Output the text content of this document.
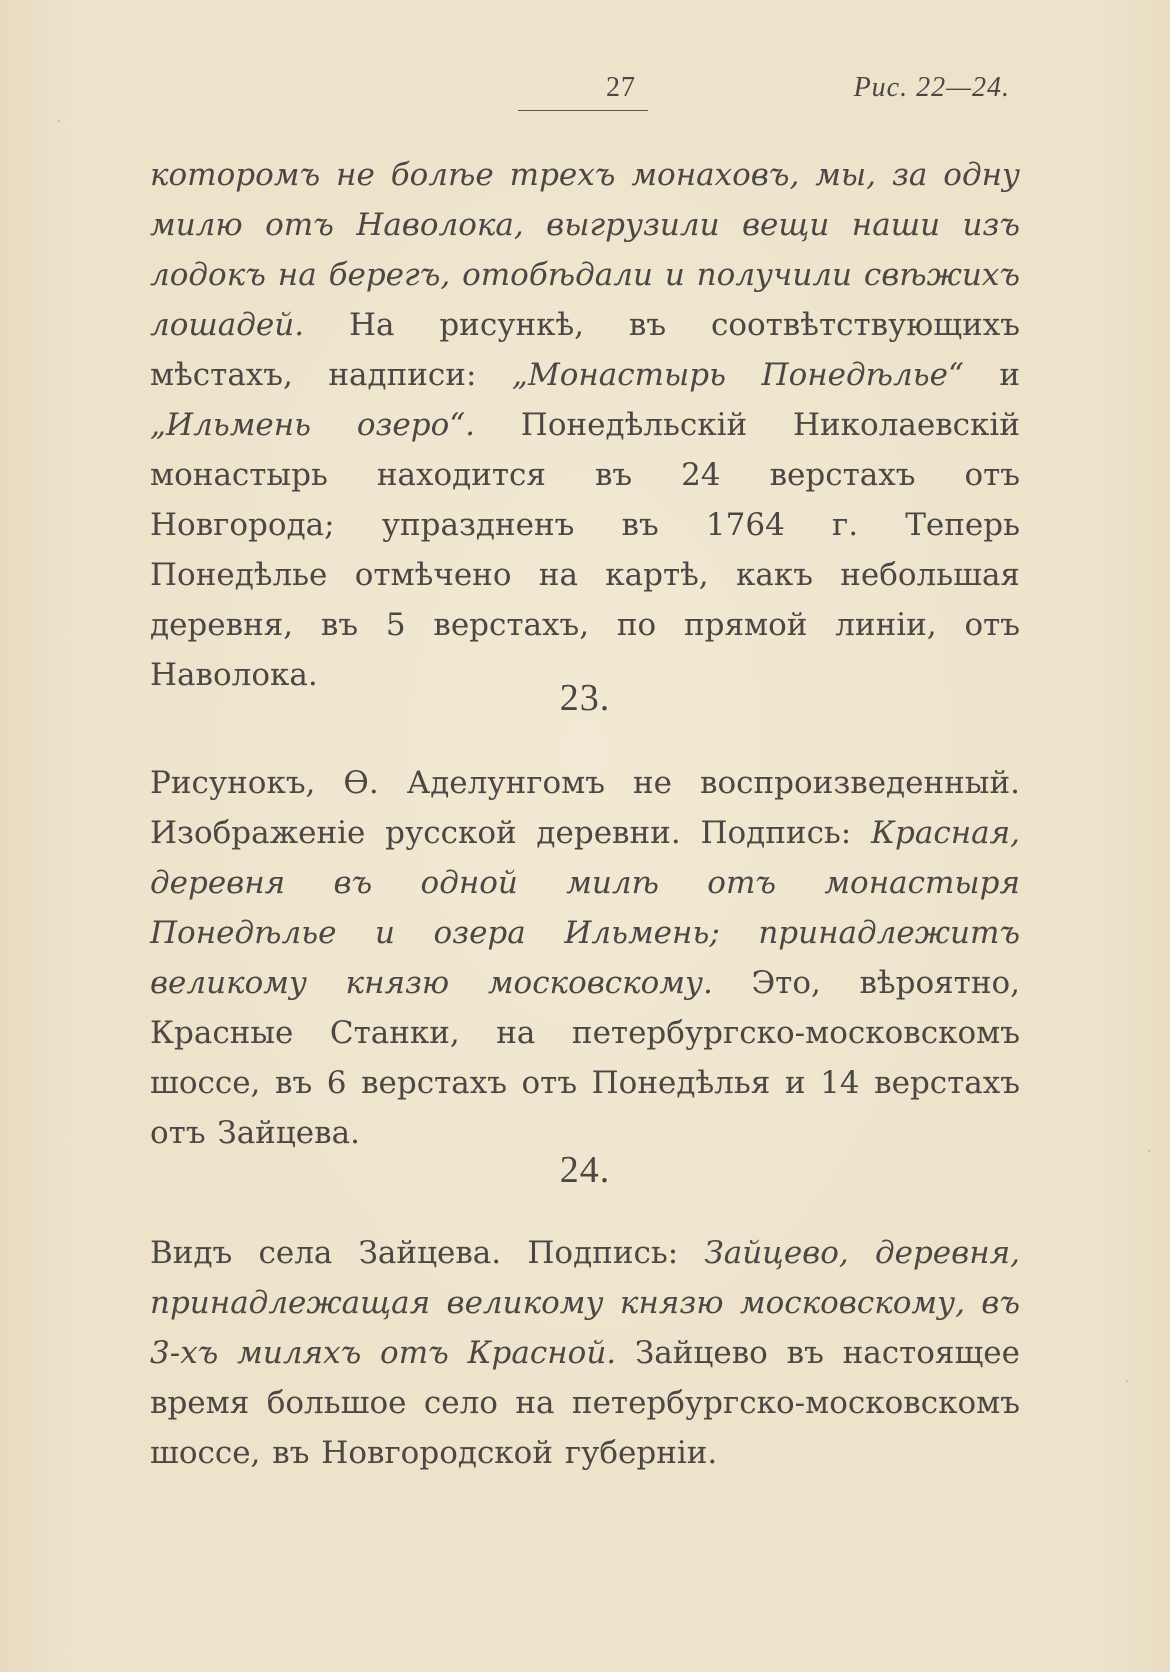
27	Рис. 22—24.

которомъ не болѣе трехъ монаховъ, мы, за одну милю отъ Наволока, выгрузили вещи наши изъ лодокъ на берегъ, отобѣдали и получили свѣжихъ лошадей. На рисункѣ, въ соотвѣтствующихъ мѣстахъ, надписи: „Монастырь Понедѣлье“ и „Ильмень озеро“. Понедѣльскій Николаевскій монастырь находится въ 24 верстахъ отъ Новгорода; упраздненъ въ 1764 г. Теперь Понедѣлье отмѣчено на картѣ, какъ небольшая деревня, въ 5 верстахъ, по прямой линіи, отъ Наволока.

23.

Рисунокъ, Ѳ. Аделунгомъ не воспроизведенный. Изображеніе русской деревни. Подпись: Красная, деревня въ одной милѣ отъ монастыря Понедѣлье и озера Ильмень; принадлежитъ великому князю московскому. Это, вѣроятно, Красные Станки, на петербургско-московскомъ шоссе, въ 6 верстахъ отъ Понедѣлья и 14 верстахъ отъ Зайцева.

24.

Видъ села Зайцева. Подпись: Зайцево, деревня, принадлежащая великому князю московскому, въ 3-хъ миляхъ отъ Красной. Зайцево въ настоящее время большое село на петербургско-московскомъ шоссе, въ Новгородской губерніи.
